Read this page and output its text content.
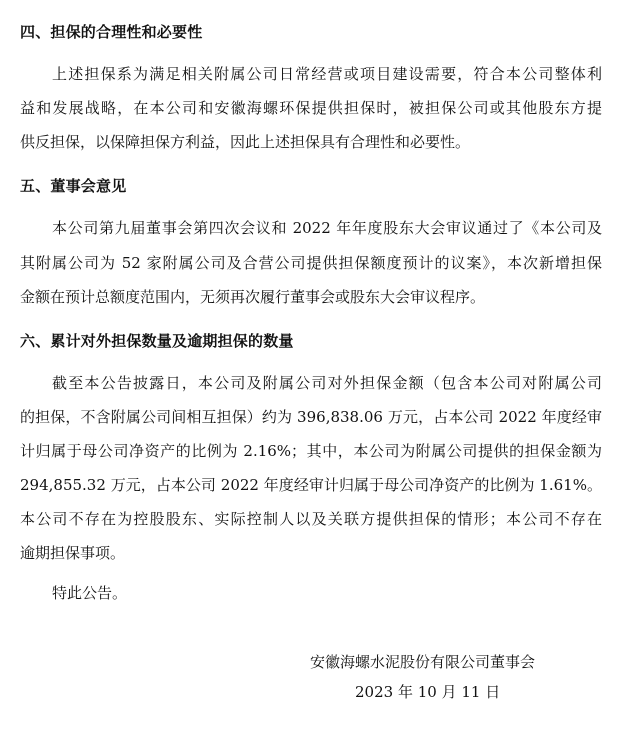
四、担保的合理性和必要性
上述担保系为满足相关附属公司日常经营或项目建设需要，符合本公司整体利
益和发展战略，在本公司和安徽海螺环保提供担保时，被担保公司或其他股东方提
供反担保，以保障担保方利益，因此上述担保具有合理性和必要性。
五、董事会意见
本公司第九届董事会第四次会议和 2022 年年度股东大会审议通过了《本公司及
其附属公司为 52 家附属公司及合营公司提供担保额度预计的议案》，本次新增担保
金额在预计总额度范围内，无须再次履行董事会或股东大会审议程序。
六、累计对外担保数量及逾期担保的数量
截至本公告披露日，本公司及附属公司对外担保金额（包含本公司对附属公司
的担保，不含附属公司间相互担保）约为 396,838.06 万元，占本公司 2022 年度经审
计归属于母公司净资产的比例为 2.16%；其中，本公司为附属公司提供的担保金额为
294,855.32 万元，占本公司 2022 年度经审计归属于母公司净资产的比例为 1.61%。
本公司不存在为控股股东、实际控制人以及关联方提供担保的情形；本公司不存在
逾期担保事项。
特此公告。
安徽海螺水泥股份有限公司董事会
2023 年 10 月 11 日
